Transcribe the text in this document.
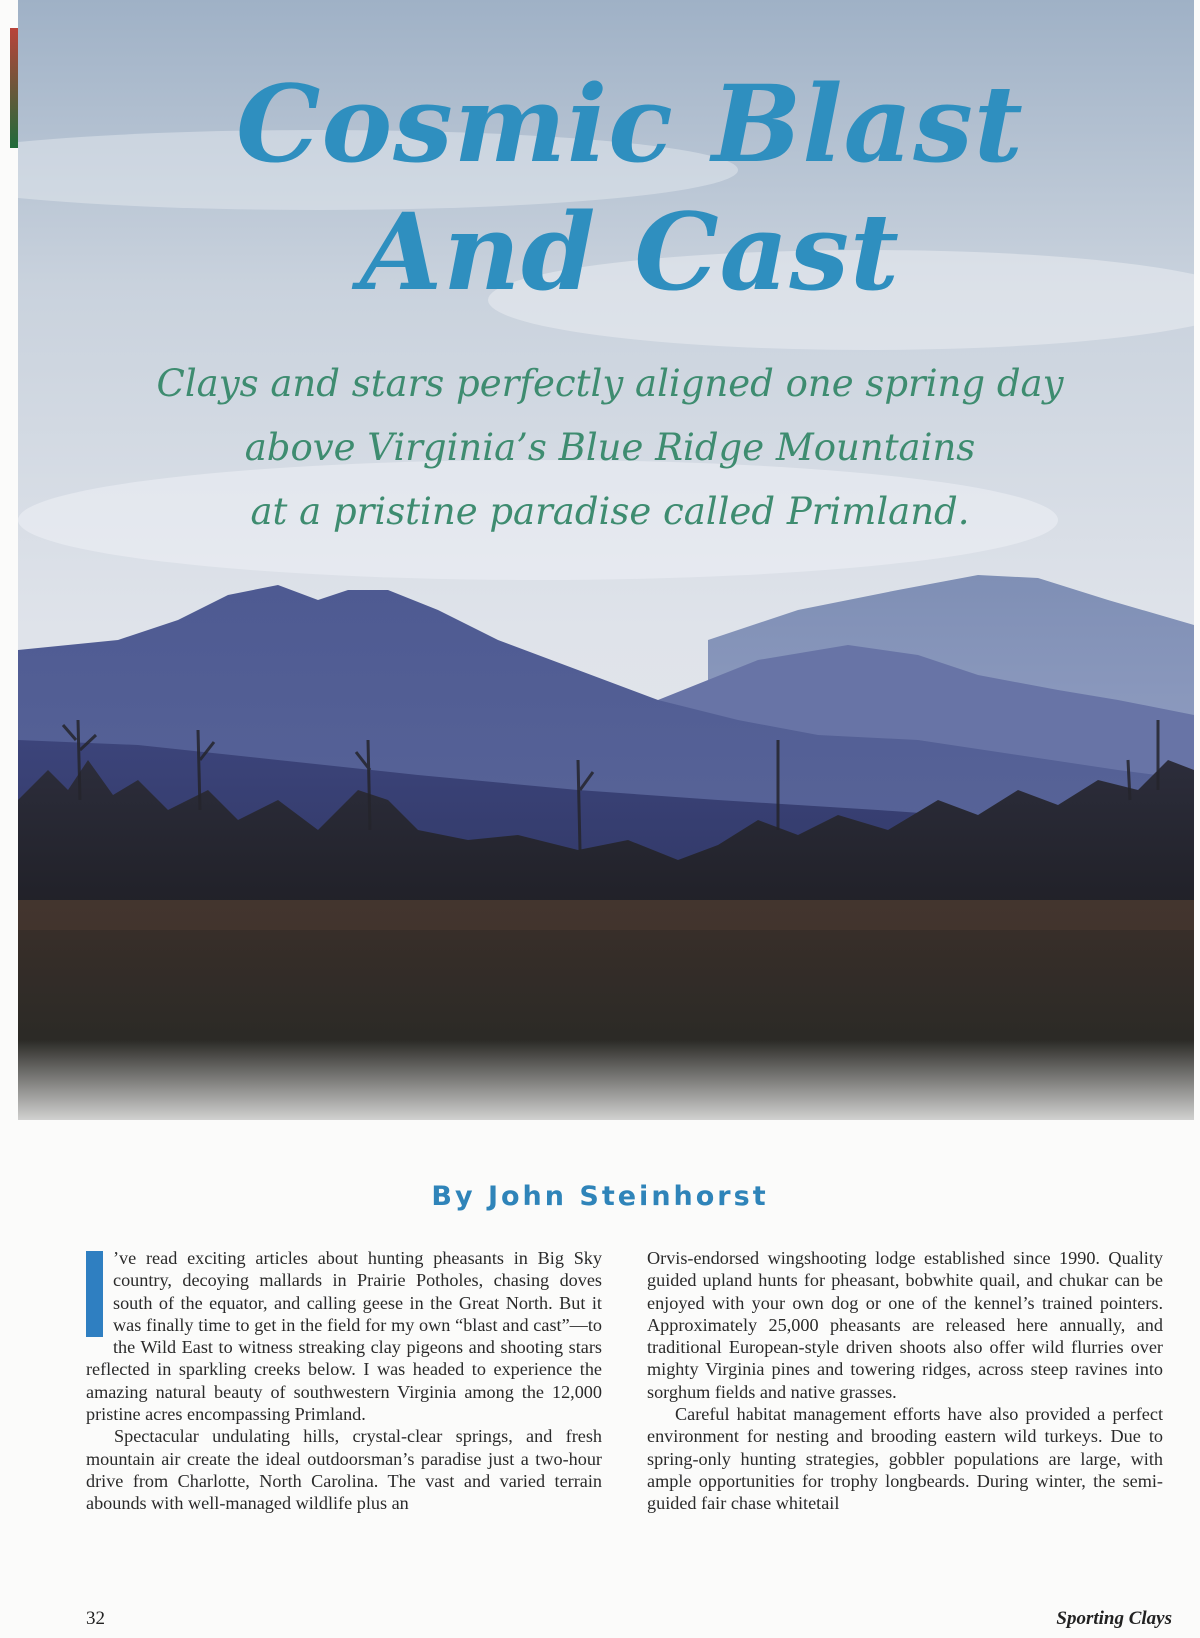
Cosmic Blast
And Cast
Clays and stars perfectly aligned one spring day
above Virginia’s Blue Ridge Mountains
at a pristine paradise called Primland.
By John Steinhorst

’ve read exciting articles about hunting pheasants in Big Sky country, decoying mallards in Prairie Potholes, chasing doves south of the equator, and calling geese in the Great North. But it was finally time to get in the field for my own “blast and cast”—to the Wild East to witness streaking clay pigeons and shooting stars reflected in sparkling creeks below. I was headed to experience the amazing natural beauty of southwestern Virginia among the 12,000 pristine acres encompassing Primland.

Spectacular undulating hills, crystal-clear springs, and fresh mountain air create the ideal outdoorsman’s paradise just a two-hour drive from Charlotte, North Carolina. The vast and varied terrain abounds with well-managed wildlife plus an

Orvis-endorsed wingshooting lodge established since 1990. Quality guided upland hunts for pheasant, bobwhite quail, and chukar can be enjoyed with your own dog or one of the kennel’s trained pointers. Approximately 25,000 pheasants are released here annually, and traditional European-style driven shoots also offer wild flurries over mighty Virginia pines and towering ridges, across steep ravines into sorghum fields and native grasses.

Careful habitat management efforts have also provided a perfect environment for nesting and brooding eastern wild turkeys. Due to spring-only hunting strategies, gobbler populations are large, with ample opportunities for trophy longbeards. During winter, the semi-guided fair chase whitetail

32	Sporting Clays
